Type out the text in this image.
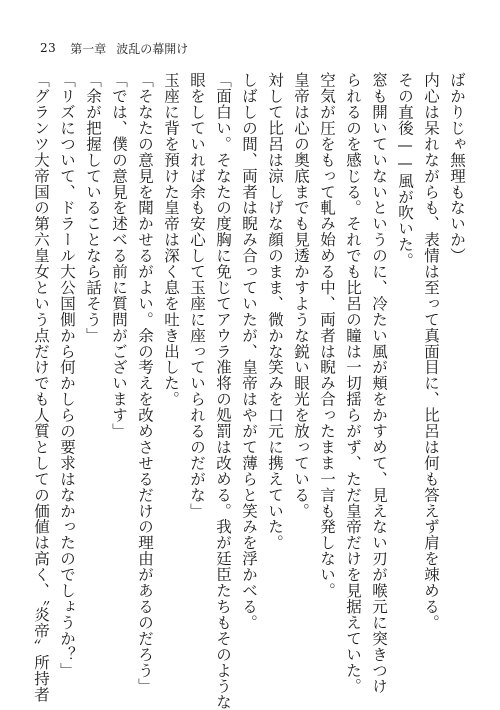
23 第一章 波乱の幕開け

ばかりじゃ無理もないか）

内心は呆れながらも、表情は至って真面目に、比呂は何も答えず肩を竦める。

その直後——風が吹いた。

窓も開いていないというのに、冷たい風が頬をかすめて、見えない刃が喉元に突きつけ

られるのを感じる。それでも比呂の瞳は一切揺らがず、ただ皇帝だけを見据えていた。

空気が圧をもって軋み始める中、両者は睨み合ったまま一言も発しない。

皇帝は心の奥底までも見透かすような鋭い眼光を放っている。

対して比呂は涼しげな顔のまま、微かな笑みを口元に携えていた。

しばしの間、両者は睨み合っていたが、皇帝はやがて薄らと笑みを浮かべる。

「面白い。そなたの度胸に免じてアウラ准将の処罰は改める。我が廷臣たちもそのような

眼をしていれば余も安心して玉座に座っていられるのだがな」

玉座に背を預けた皇帝は深く息を吐き出した。

「そなたの意見を聞かせるがよい。余の考えを改めさせるだけの理由があるのだろう」

「では、僕の意見を述べる前に質問がございます」

「余が把握していることなら話そう」

「リズについて、ドラール大公国側から何かしらの要求はなかったのでしょうか？」

「グランツ大帝国の第六皇女という点だけでも人質としての価値は高く、〝炎帝〟所持者
